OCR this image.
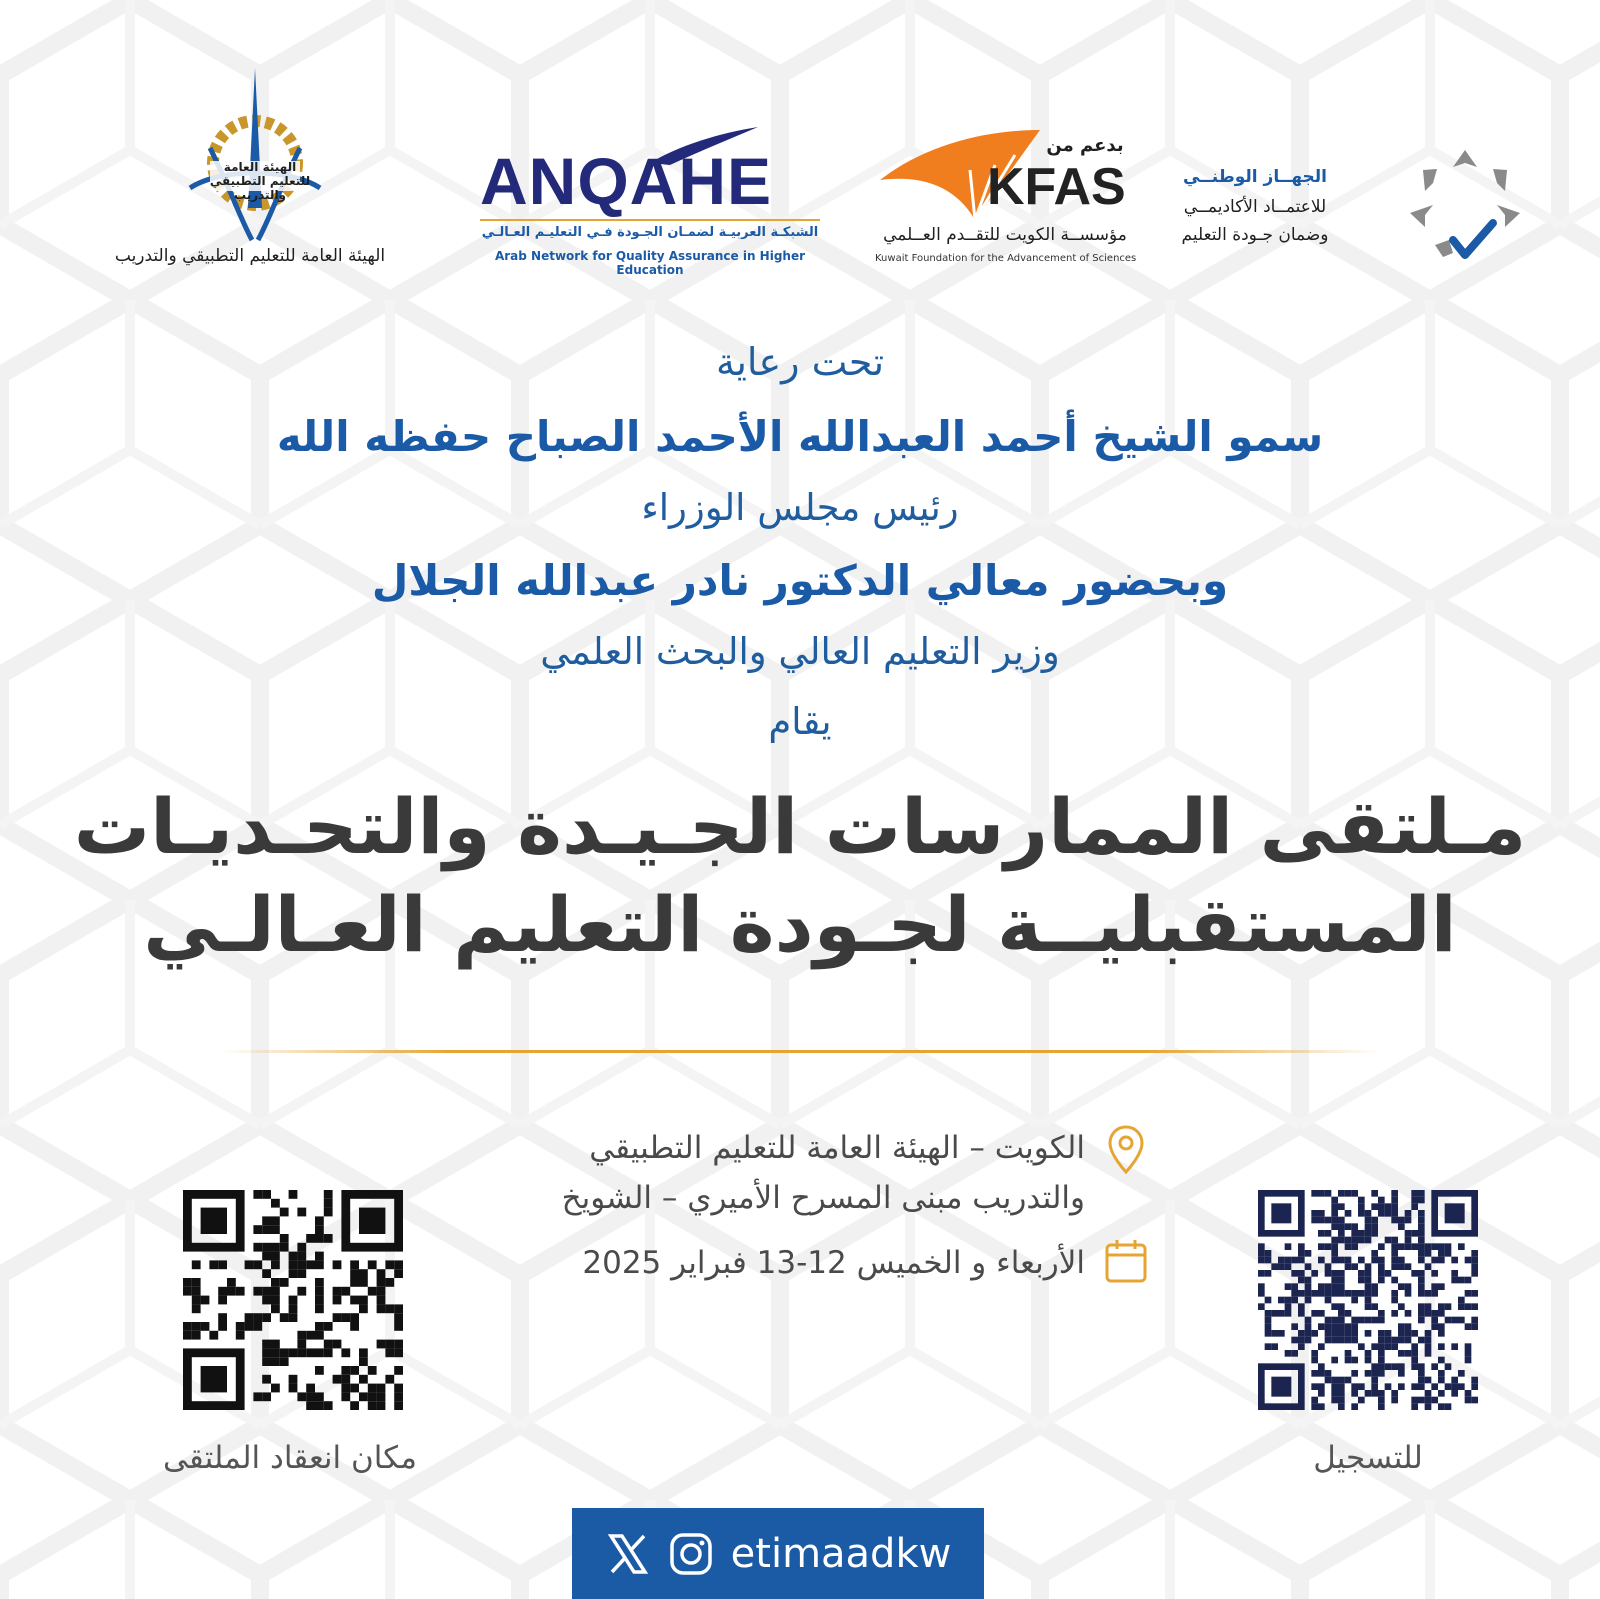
الجهــاز الوطنــي
للاعتمــاد الأكاديمــي
وضمان جـودة التعليم
بدعم من
KFAS
مؤسســة الكويت للتقــدم العــلمي
Kuwait Foundation for the Advancement of Sciences
ANQAHE
الشبكـة العربيـة لضمـان الجـودة فـي التعليـم العـالـي
Arab Network for Quality Assurance in Higher Education
الهيئة العامة للتعليم التطبيقي والتدريب
الهيئة العامة للتعليم التطبيقي والتدريب
تحت رعاية
سمو الشيخ أحمد العبدالله الأحمد الصباح حفظه الله
رئيس مجلس الوزراء
وبحضور معالي الدكتور نادر عبدالله الجلال
وزير التعليم العالي والبحث العلمي
يقام
مـلتقى الممارسات الجـيـدة والتحـديـات
المستقبليــة لجـودة التعليم العـالـي
الكويت – الهيئة العامة للتعليم التطبيقي
والتدريب مبنى المسرح الأميري – الشويخ
الأربعاء و الخميس 12-13 فبراير 2025
مكان انعقاد الملتقى	للتسجيل
etimaadkw
